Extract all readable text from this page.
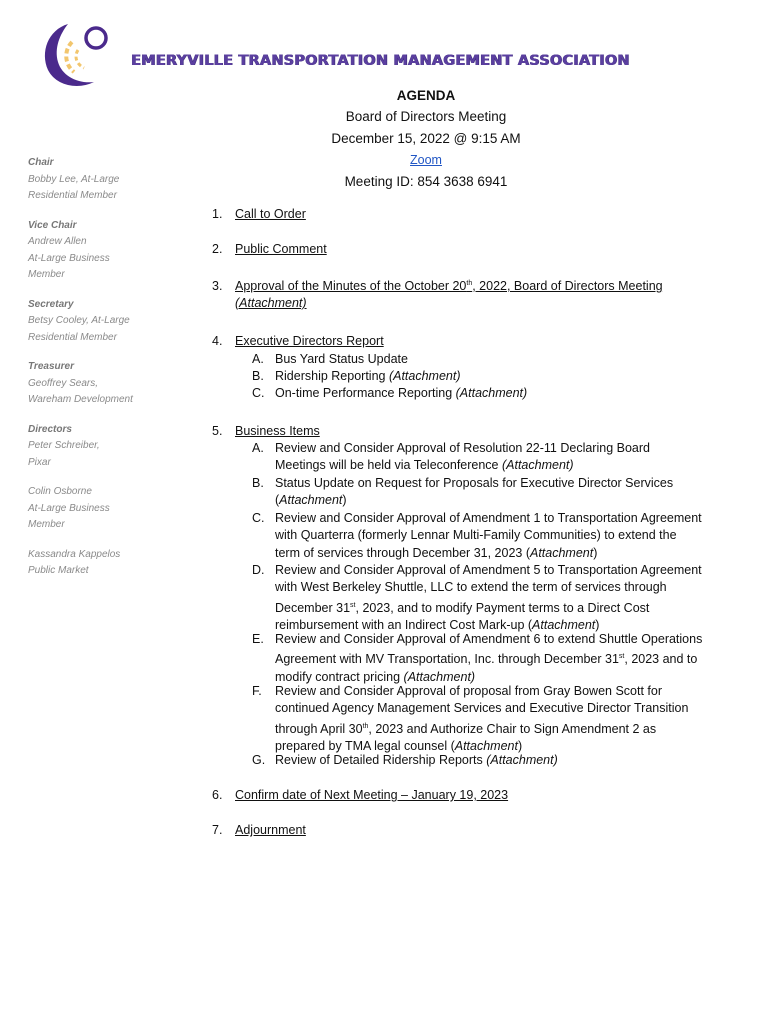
EMERYVILLE TRANSPORTATION MANAGEMENT ASSOCIATION
AGENDA
Board of Directors Meeting
December 15, 2022 @ 9:15 AM
Zoom
Meeting ID: 854 3638 6941
Chair
Bobby Lee, At-Large
Residential Member
Vice Chair
Andrew Allen
At-Large Business
Member
Secretary
Betsy Cooley, At-Large
Residential Member
Treasurer
Geoffrey Sears,
Wareham Development
Directors
Peter Schreiber,
Pixar
Colin Osborne
At-Large Business
Member
Kassandra Kappelos
Public Market
1. Call to Order
2. Public Comment
3. Approval of the Minutes of the October 20th, 2022, Board of Directors Meeting
(Attachment)
4. Executive Directors Report
A. Bus Yard Status Update
B. Ridership Reporting (Attachment)
C. On-time Performance Reporting (Attachment)
5. Business Items
A. Review and Consider Approval of Resolution 22-11 Declaring Board Meetings will be held via Teleconference (Attachment)
B. Status Update on Request for Proposals for Executive Director Services (Attachment)
C. Review and Consider Approval of Amendment 1 to Transportation Agreement with Quarterra (formerly Lennar Multi-Family Communities) to extend the term of services through December 31, 2023 (Attachment)
D. Review and Consider Approval of Amendment 5 to Transportation Agreement with West Berkeley Shuttle, LLC to extend the term of services through December 31st, 2023, and to modify Payment terms to a Direct Cost reimbursement with an Indirect Cost Mark-up (Attachment)
E. Review and Consider Approval of Amendment 6 to extend Shuttle Operations Agreement with MV Transportation, Inc. through December 31st, 2023 and to modify contract pricing (Attachment)
F. Review and Consider Approval of proposal from Gray Bowen Scott for continued Agency Management Services and Executive Director Transition through April 30th, 2023 and Authorize Chair to Sign Amendment 2 as prepared by TMA legal counsel (Attachment)
G. Review of Detailed Ridership Reports (Attachment)
6. Confirm date of Next Meeting – January 19, 2023
7. Adjournment
